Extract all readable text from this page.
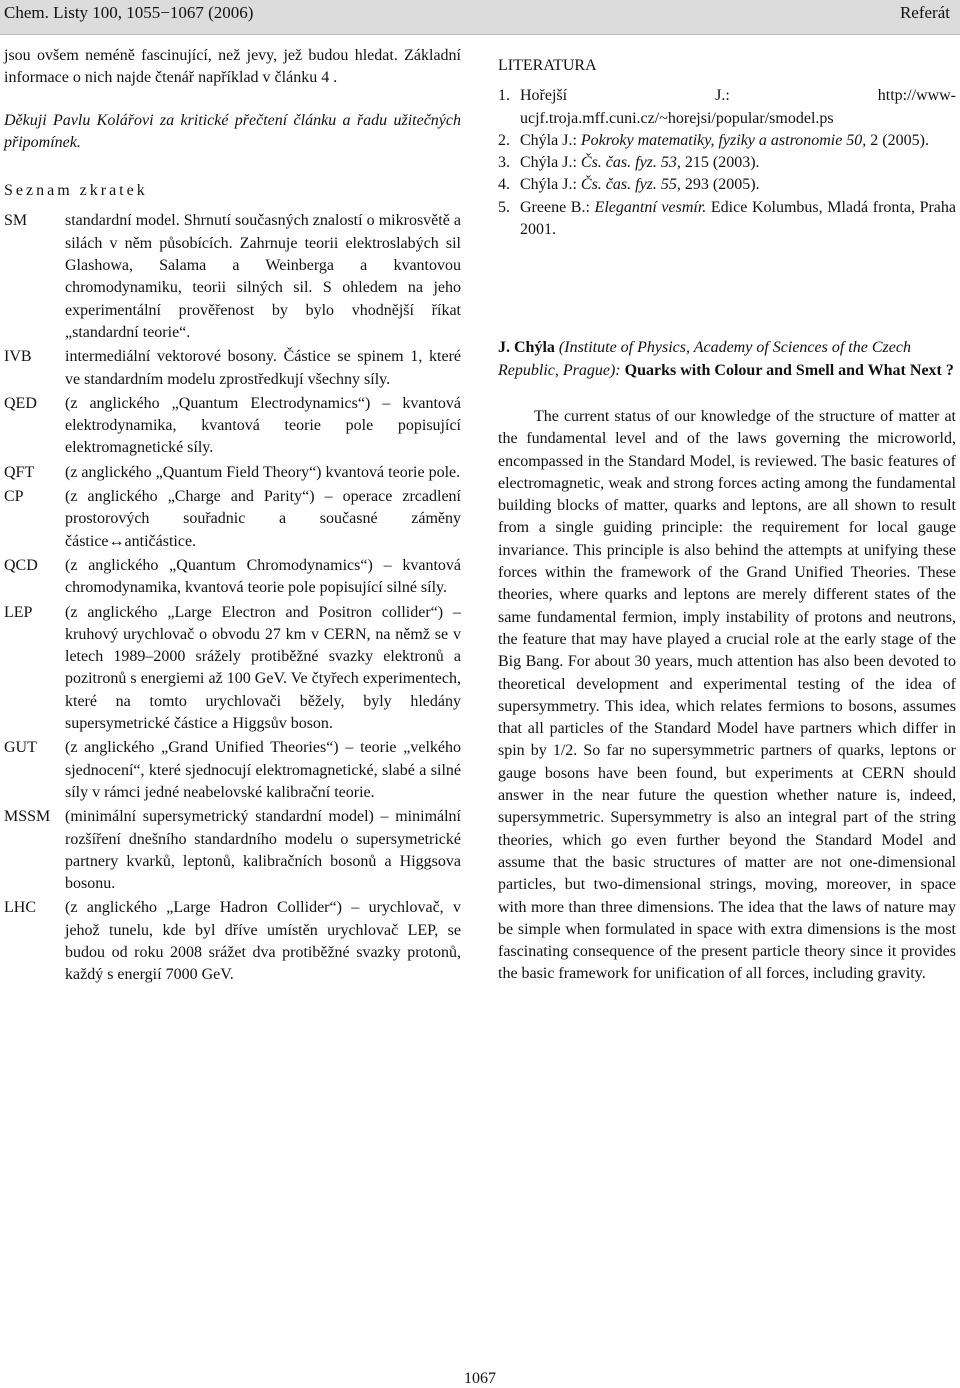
Chem. Listy 100, 1055−1067 (2006)	Referát
jsou ovšem neméně fascinující, než jevy, jež budou hledat. Základní informace o nich najde čtenář například v článku 4 .
Děkuji Pavlu Kolářovi za kritické přečtení článku a řadu užitečných připomínek.
Seznam zkratek
SM	standardní model. Shrnutí současných znalostí o mikrosvětě a silách v něm působících. Zahrnuje teorii elektroslabých sil Glashowa, Salama a Weinberga a kvantovou chromodynamiku, teorii silných sil. S ohledem na jeho experimentální prověřenost by bylo vhodnější říkat „standardní teorie“.
IVB	intermediální vektorové bosony. Částice se spinem 1, které ve standardním modelu zprostředkují všechny síly.
QED	(z anglického „Quantum Electrodynamics“) – kvantová elektrodynamika, kvantová teorie pole popisující elektromagnetické síly.
QFT	(z anglického „Quantum Field Theory“) kvantová teorie pole.
CP	(z anglického „Charge and Parity“) – operace zrcadlení prostorových souřadnic a současné záměny částice↔antičástice.
QCD	(z anglického „Quantum Chromodynamics“) – kvantová chromodynamika, kvantová teorie pole popisující silné síly.
LEP	(z anglického „Large Electron and Positron collider“) – kruhový urychlovač o obvodu 27 km v CERN, na němž se v letech 1989–2000 srážely protiběžné svazky elektronů a pozitronů s energiemi až 100 GeV. Ve čtyřech experimentech, které na tomto urychlovači běžely, byly hledány supersymetrické částice a Higgsův boson.
GUT	(z anglického „Grand Unified Theories“) – teorie „velkého sjednocení“, které sjednocují elektromagnetické, slabé a silné síly v rámci jedné neabelovské kalibrační teorie.
MSSM (minimální supersymetrický standardní model) – minimální rozšíření dnešního standardního modelu o supersymetrické partnery kvarků, leptonů, kalibračních bosonů a Higgsova bosonu.
LHC	(z anglického „Large Hadron Collider“) – urychlovač, v jehož tunelu, kde byl dříve umístěn urychlovač LEP, se budou od roku 2008 srážet dva protiběžné svazky protonů, každý s energií 7000 GeV.
LITERATURA
1. Hořejší J.: http://www-ucjf.troja.mff.cuni.cz/~horejsi/popular/smodel.ps
2. Chýla J.: Pokroky matematiky, fyziky a astronomie 50, 2 (2005).
3. Chýla J.: Čs. čas. fyz. 53, 215 (2003).
4. Chýla J.: Čs. čas. fyz. 55, 293 (2005).
5. Greene B.: Elegantní vesmír. Edice Kolumbus, Mladá fronta, Praha 2001.
J. Chýla (Institute of Physics, Academy of Sciences of the Czech Republic, Prague): Quarks with Colour and Smell and What Next ?
The current status of our knowledge of the structure of matter at the fundamental level and of the laws governing the microworld, encompassed in the Standard Model, is reviewed. The basic features of electromagnetic, weak and strong forces acting among the fundamental building blocks of matter, quarks and leptons, are all shown to result from a single guiding principle: the requirement for local gauge invariance. This principle is also behind the attempts at unifying these forces within the framework of the Grand Unified Theories. These theories, where quarks and leptons are merely different states of the same fundamental fermion, imply instability of protons and neutrons, the feature that may have played a crucial role at the early stage of the Big Bang. For about 30 years, much attention has also been devoted to theoretical development and experimental testing of the idea of supersymmetry. This idea, which relates fermions to bosons, assumes that all particles of the Standard Model have partners which differ in spin by 1/2. So far no supersymmetric partners of quarks, leptons or gauge bosons have been found, but experiments at CERN should answer in the near future the question whether nature is, indeed, supersymmetric. Supersymmetry is also an integral part of the string theories, which go even further beyond the Standard Model and assume that the basic structures of matter are not one-dimensional particles, but two-dimensional strings, moving, moreover, in space with more than three dimensions. The idea that the laws of nature may be simple when formulated in space with extra dimensions is the most fascinating consequence of the present particle theory since it provides the basic framework for unification of all forces, including gravity.
1067
